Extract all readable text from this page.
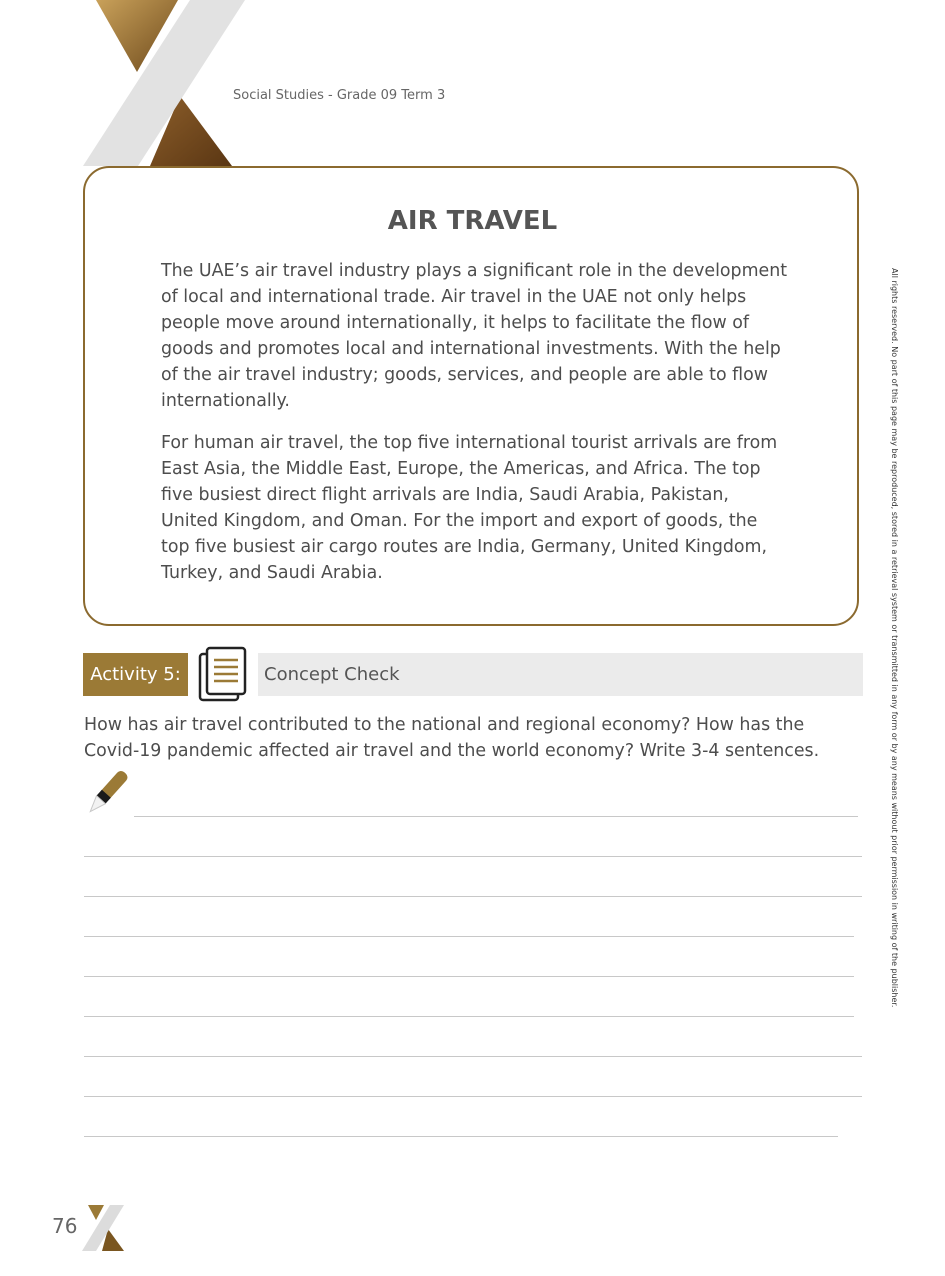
Social Studies - Grade 09 Term 3
AIR TRAVEL

The UAE’s air travel industry plays a significant role in the development of local and international trade. Air travel in the UAE not only helps people move around internationally, it helps to facilitate the flow of goods and promotes local and international investments. With the help of the air travel industry; goods, services, and people are able to flow internationally.

For human air travel, the top five international tourist arrivals are from East Asia, the Middle East, Europe, the Americas, and Africa. The top five busiest direct flight arrivals are India, Saudi Arabia, Pakistan, United Kingdom, and Oman. For the import and export of goods, the top five busiest air cargo routes are India, Germany, United Kingdom, Turkey, and Saudi Arabia.	All rights reserved. No part of this page may be reproduced, stored in a retrieval system or transmitted in any form or by any means without prior permission in writing of the publisher.
Activity 5:	Concept Check
How has air travel contributed to the national and regional economy? How has the Covid-19 pandemic affected air travel and the world economy? Write 3-4 sentences.
76
